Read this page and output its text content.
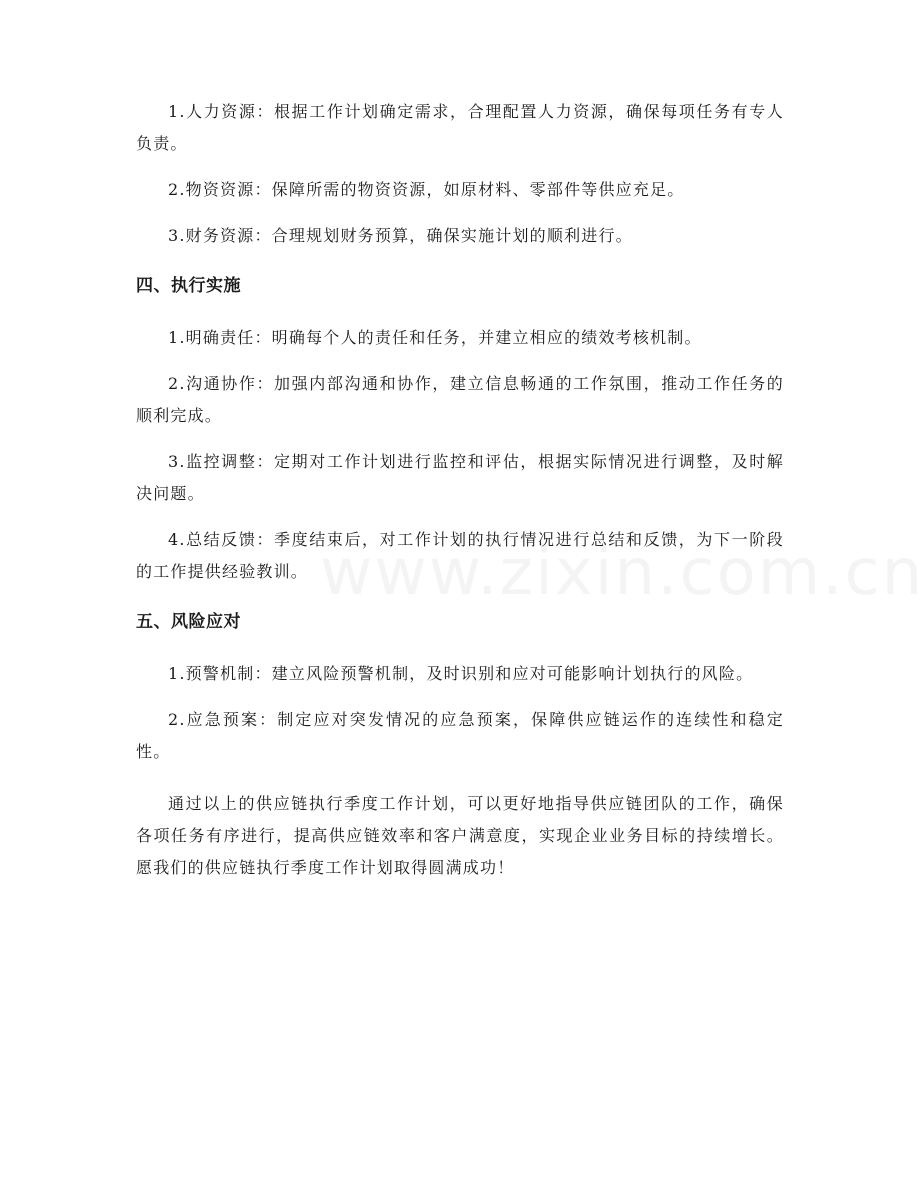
1.人力资源：根据工作计划确定需求，合理配置人力资源，确保每项任务有专人负责。

2.物资资源：保障所需的物资资源，如原材料、零部件等供应充足。

3.财务资源：合理规划财务预算，确保实施计划的顺利进行。

四、执行实施

1.明确责任：明确每个人的责任和任务，并建立相应的绩效考核机制。

2.沟通协作：加强内部沟通和协作，建立信息畅通的工作氛围，推动工作任务的顺利完成。

3.监控调整：定期对工作计划进行监控和评估，根据实际情况进行调整，及时解决问题。

4.总结反馈：季度结束后，对工作计划的执行情况进行总结和反馈，为下一阶段的工作提供经验教训。

五、风险应对

1.预警机制：建立风险预警机制，及时识别和应对可能影响计划执行的风险。

2.应急预案：制定应对突发情况的应急预案，保障供应链运作的连续性和稳定性。

通过以上的供应链执行季度工作计划，可以更好地指导供应链团队的工作，确保各项任务有序进行，提高供应链效率和客户满意度，实现企业业务目标的持续增长。愿我们的供应链执行季度工作计划取得圆满成功！
